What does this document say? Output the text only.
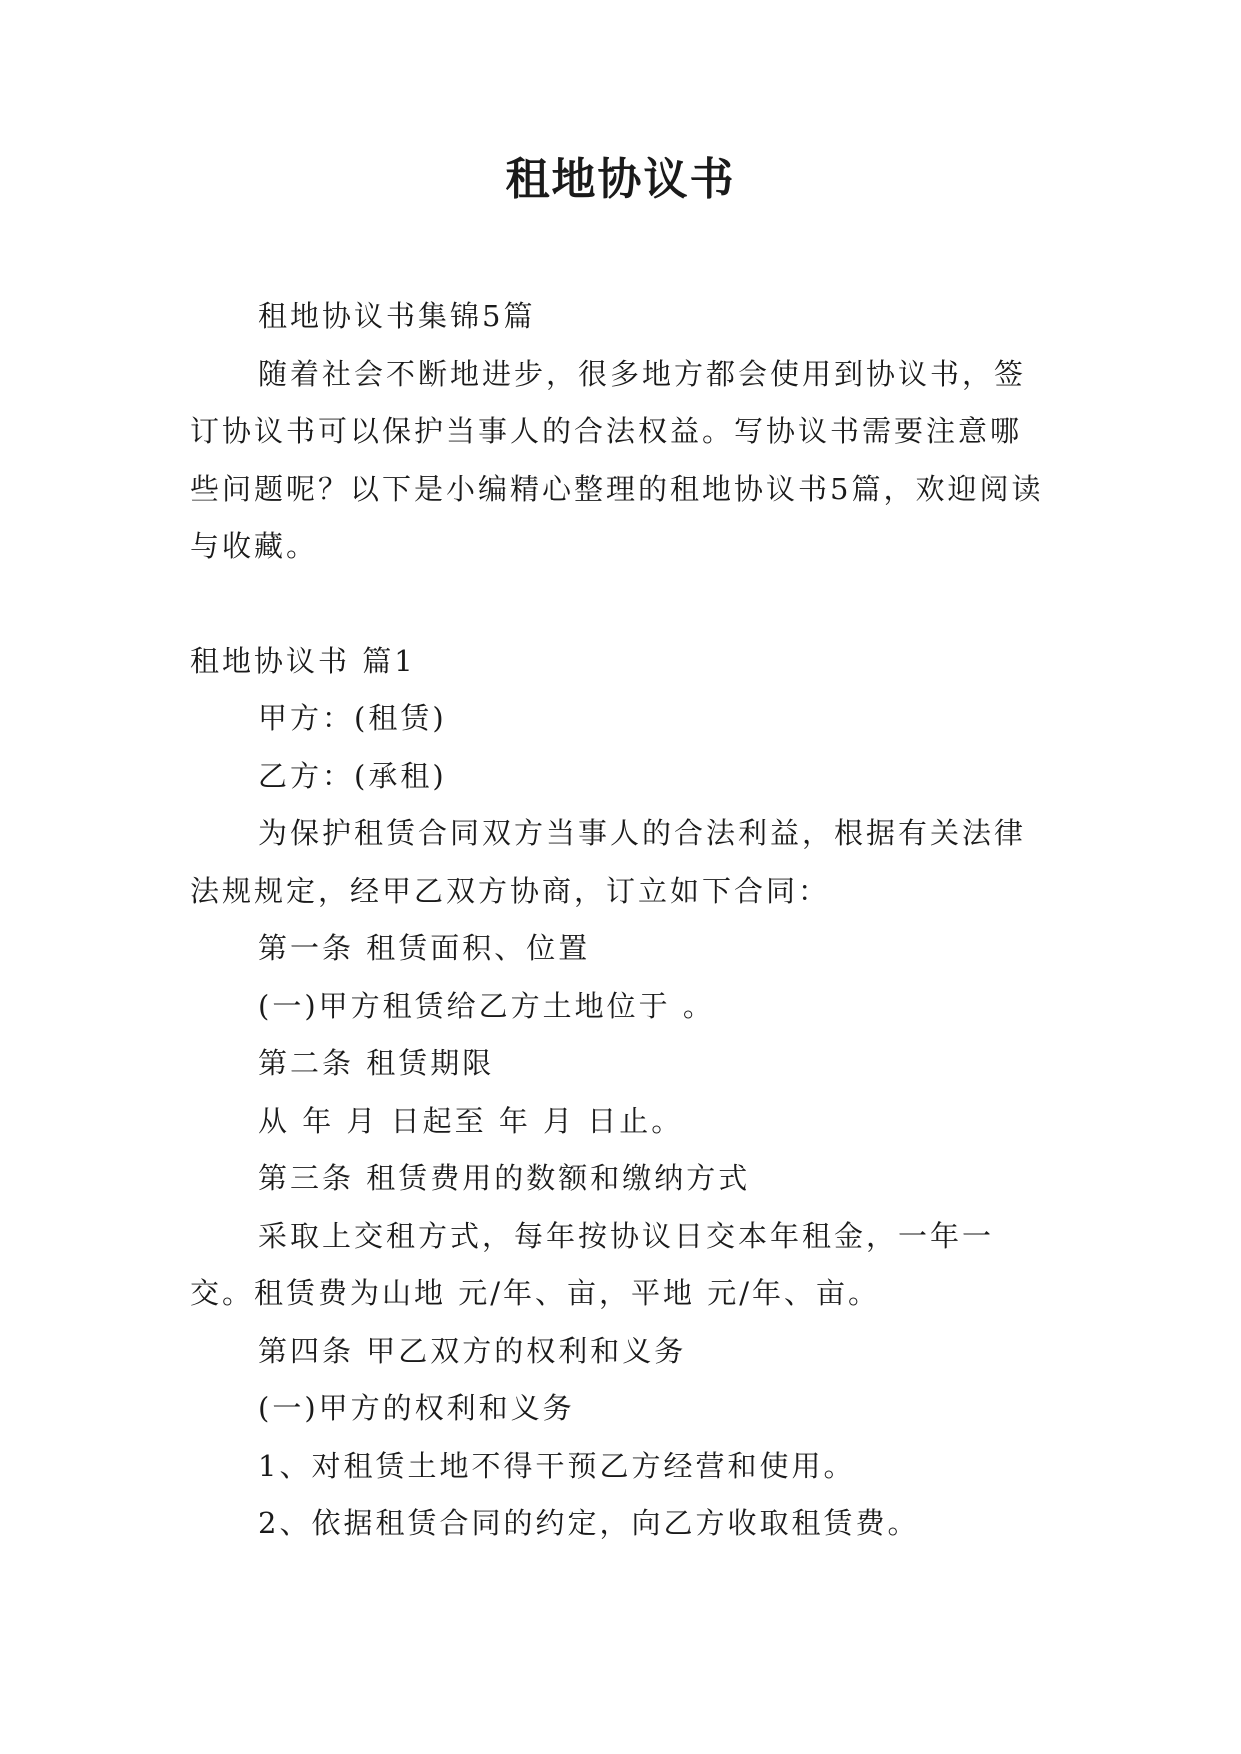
租地协议书

租地协议书集锦5篇

随着社会不断地进步，很多地方都会使用到协议书，签订协议书可以保护当事人的合法权益。写协议书需要注意哪些问题呢？以下是小编精心整理的租地协议书5篇，欢迎阅读与收藏。

租地协议书 篇1

甲方：(租赁)

乙方：(承租)

为保护租赁合同双方当事人的合法利益，根据有关法律法规规定，经甲乙双方协商，订立如下合同：

第一条 租赁面积、位置

(一)甲方租赁给乙方土地位于 。

第二条 租赁期限

从 年 月 日起至 年 月 日止。

第三条 租赁费用的数额和缴纳方式

采取上交租方式，每年按协议日交本年租金，一年一交。租赁费为山地 元/年、亩，平地 元/年、亩。

第四条 甲乙双方的权利和义务

(一)甲方的权利和义务

1、对租赁土地不得干预乙方经营和使用。

2、依据租赁合同的约定，向乙方收取租赁费。
